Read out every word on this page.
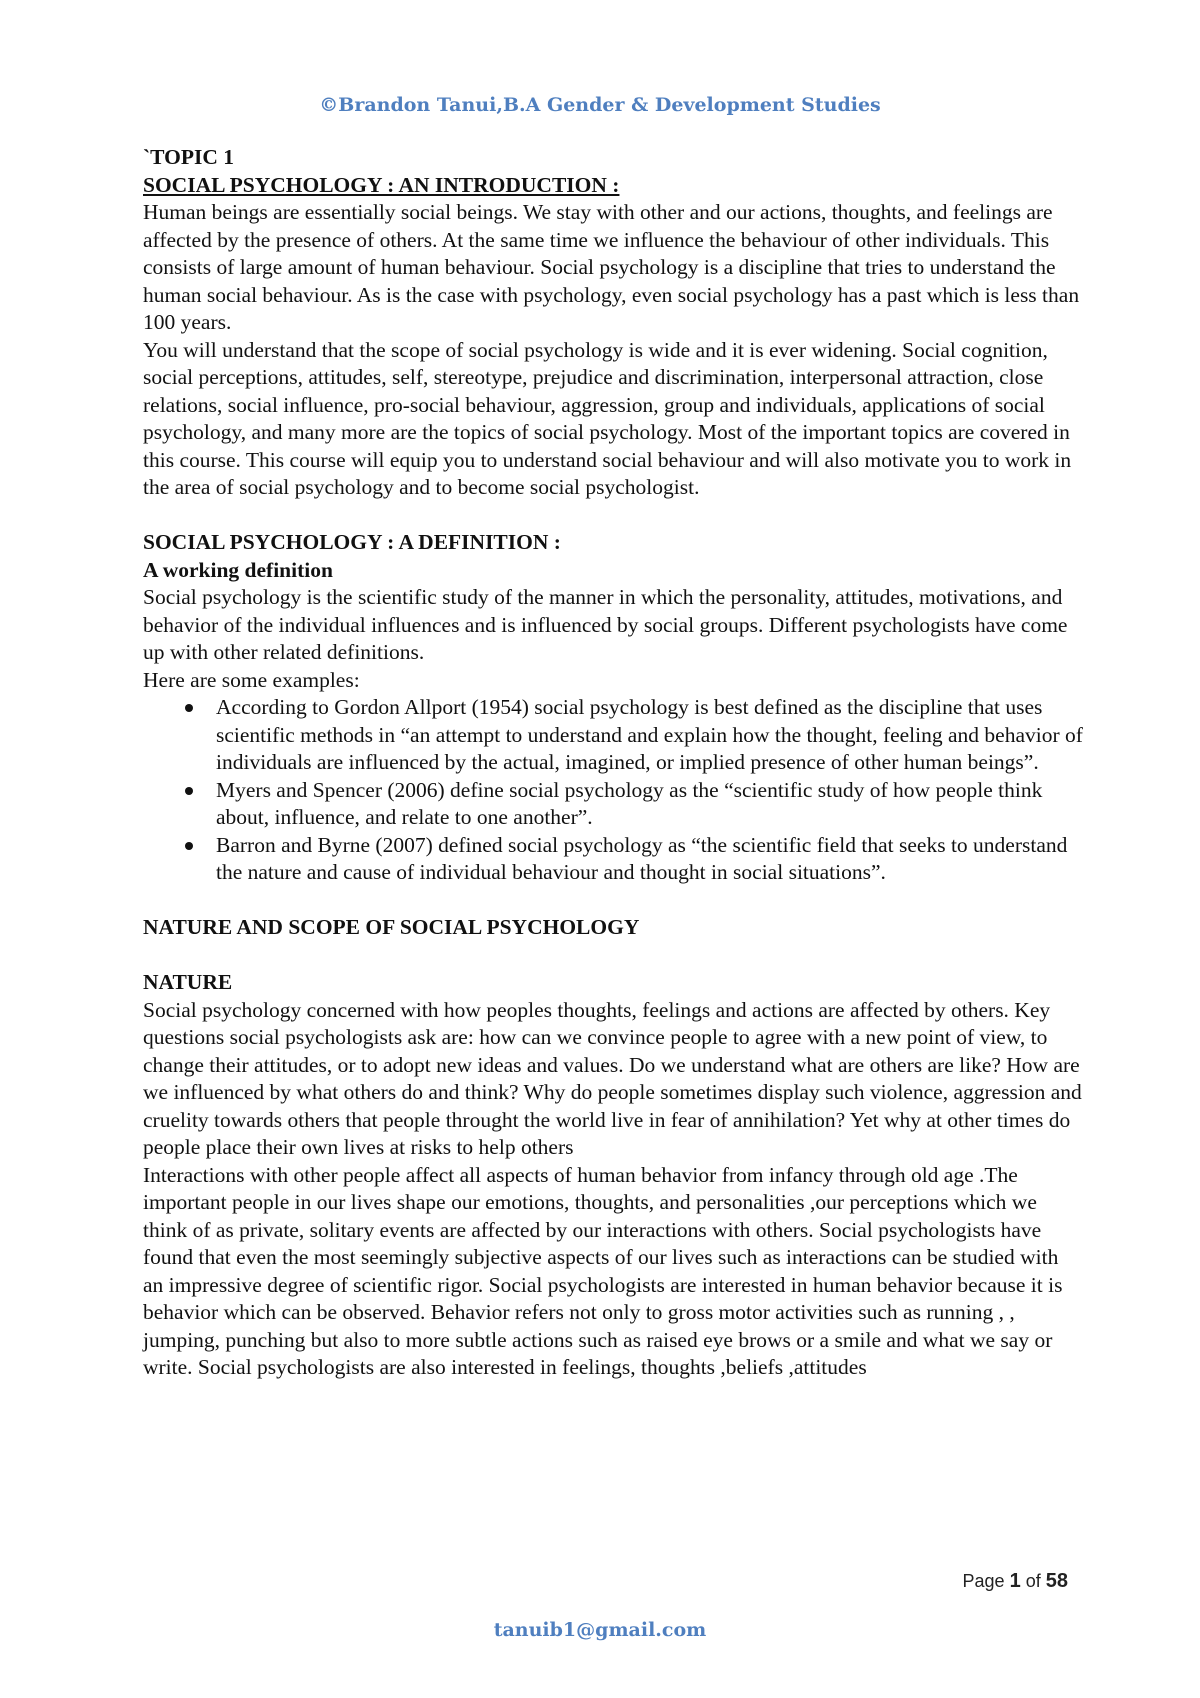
©Brandon Tanui,B.A Gender & Development Studies

`TOPIC 1

SOCIAL PSYCHOLOGY : AN INTRODUCTION :

Human beings are essentially social beings. We stay with other and our actions, thoughts, and feelings are affected by the presence of others. At the same time we influence the behaviour of other individuals. This consists of large amount of human behaviour. Social psychology is a discipline that tries to understand the human social behaviour. As is the case with psychology, even social psychology has a past which is less than 100 years.

You will understand that the scope of social psychology is wide and it is ever widening. Social cognition, social perceptions, attitudes, self, stereotype, prejudice and discrimination, interpersonal attraction, close relations, social influence, pro-social behaviour, aggression, group and individuals, applications of social psychology, and many more are the topics of social psychology. Most of the important topics are covered in this course. This course will equip you to understand social behaviour and will also motivate you to work in the area of social psychology and to become social psychologist.

SOCIAL PSYCHOLOGY : A DEFINITION :

A working definition

Social psychology is the scientific study of the manner in which the personality, attitudes, motivations, and behavior of the individual influences and is influenced by social groups. Different psychologists have come up with other related definitions.

Here are some examples:

According to Gordon Allport (1954) social psychology is best defined as the discipline that uses scientific methods in “an attempt to understand and explain how the thought, feeling and behavior of individuals are influenced by the actual, imagined, or implied presence of other human beings”.
Myers and Spencer (2006) define social psychology as the “scientific study of how people think about, influence, and relate to one another”.
Barron and Byrne (2007) defined social psychology as “the scientific field that seeks to understand the nature and cause of individual behaviour and thought in social situations”.

NATURE AND SCOPE OF SOCIAL PSYCHOLOGY

NATURE

Social psychology concerned with how peoples thoughts, feelings and actions are affected by others. Key questions social psychologists ask are: how can we convince people to agree with a new point of view, to change their attitudes, or to adopt new ideas and values. Do we understand what are others are like? How are we influenced by what others do and think? Why do people sometimes display such violence, aggression and cruelity towards others that people throught the world live in fear of annihilation? Yet why at other times do people place their own lives at risks to help others

Interactions with other people affect all aspects of human behavior from infancy through old age .The important people in our lives shape our emotions, thoughts, and personalities ,our perceptions which we think of as private, solitary events are affected by our interactions with others. Social psychologists have found that even the most seemingly subjective aspects of our lives such as interactions can be studied with an impressive degree of scientific rigor. Social psychologists are interested in human behavior because it is behavior which can be observed. Behavior refers not only to gross motor activities such as running , , jumping, punching but also to more subtle actions such as raised eye brows or a smile and what we say or write. Social psychologists are also interested in feelings, thoughts ,beliefs ,attitudes

Page 1 of 58
tanuib1@gmail.com
